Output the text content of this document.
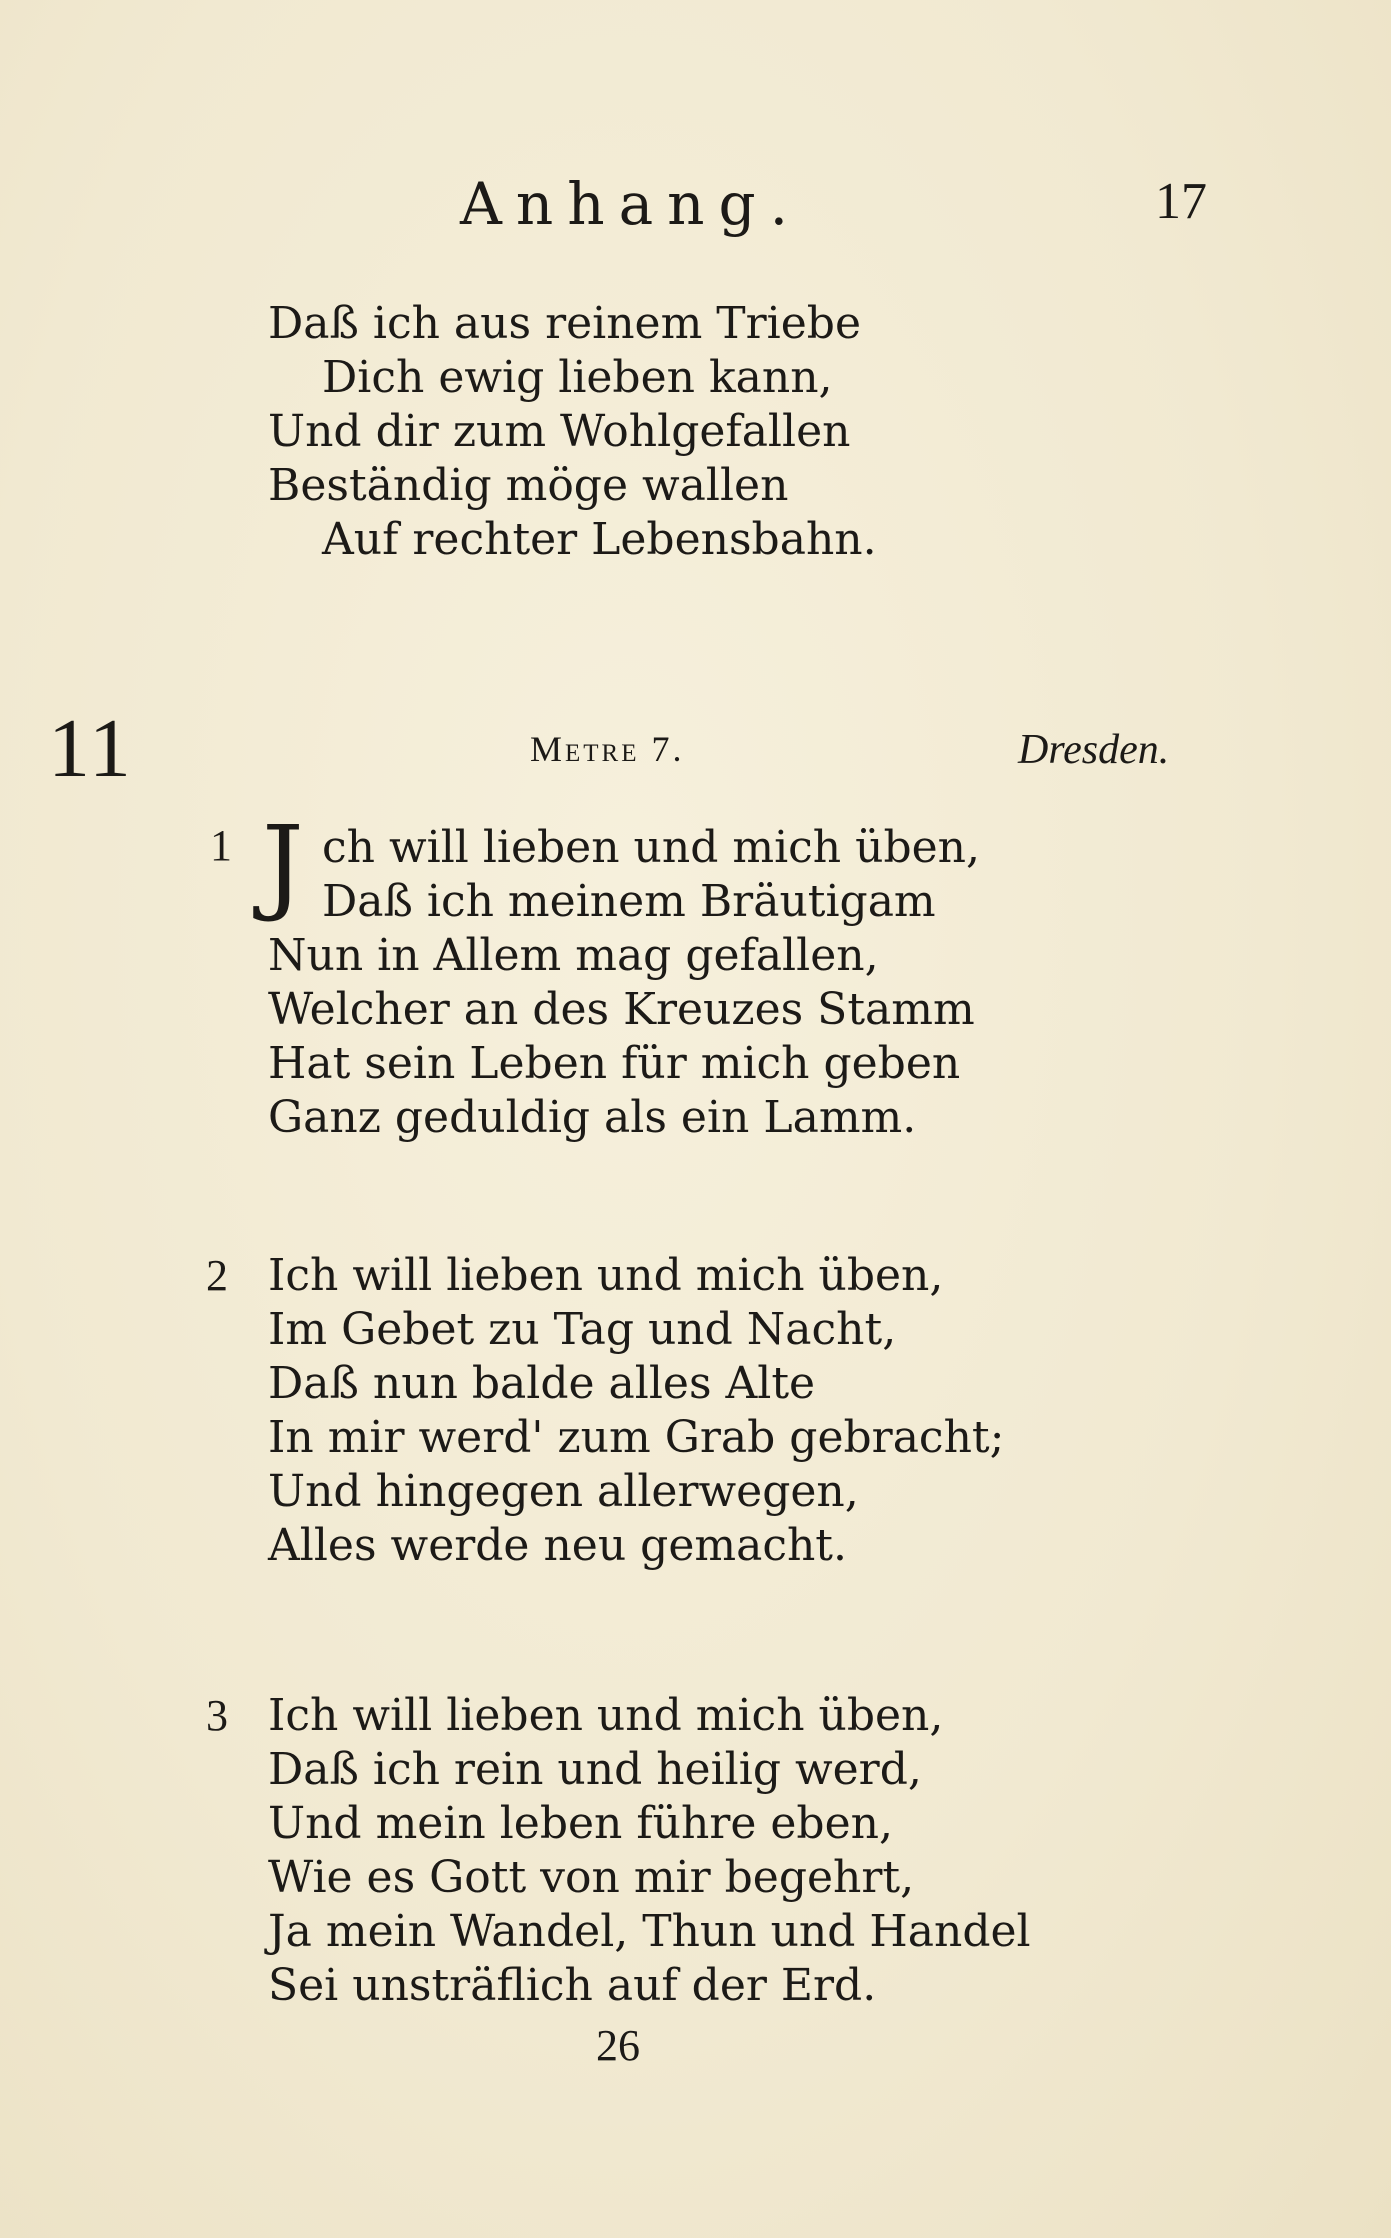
Anhang.	17
Daß ich aus reinem Triebe
Dich ewig lieben kann,
Und dir zum Wohlgefallen
Beständig möge wallen
Auf rechter Lebensbahn.
11	Metre 7.	Dresden.
1 J ch will lieben und mich üben,
Daß ich meinem Bräutigam
Nun in Allem mag gefallen,
Welcher an des Kreuzes Stamm
Hat sein Leben für mich geben
Ganz geduldig als ein Lamm.
2 Ich will lieben und mich üben,
Im Gebet zu Tag und Nacht,
Daß nun balde alles Alte
In mir werd' zum Grab gebracht;
Und hingegen allerwegen,
Alles werde neu gemacht.
3 Ich will lieben und mich üben,
Daß ich rein und heilig werd,
Und mein leben führe eben,
Wie es Gott von mir begehrt,
Ja mein Wandel, Thun und Handel
Sei unsträflich auf der Erd.
26
